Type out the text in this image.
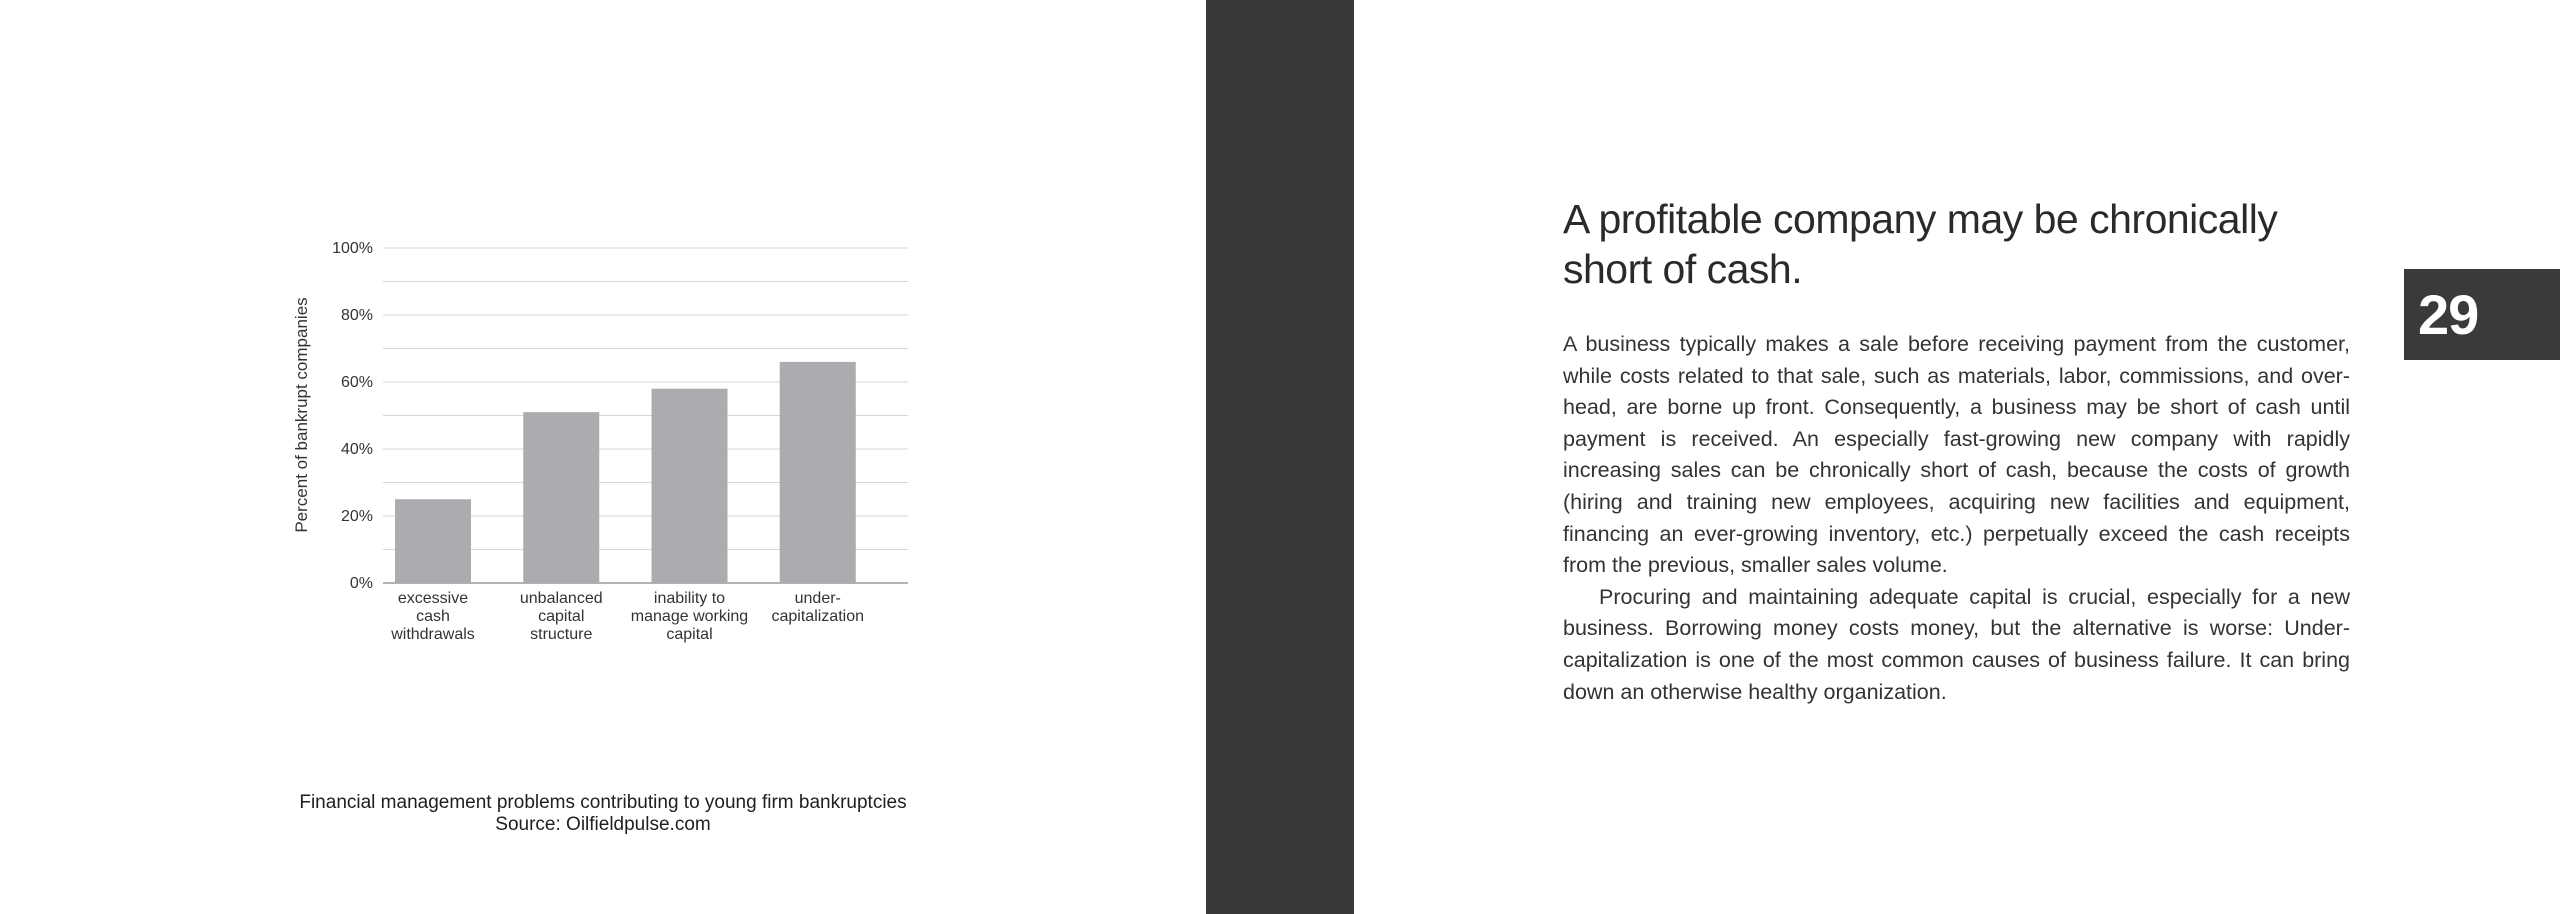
0%
20%
40%
60%
80%
100%
excessive cash withdrawals
unbalanced capital structure
inability to manage working capital
under-capitalization
Percent of bankrupt companies
Financial management problems contributing to young firm bankruptcies
Source: Oilfieldpulse.com
A profitable company may be chronically short of cash.

A business typically makes a sale before receiving payment from the customer, while costs related to that sale, such as materials, labor, commissions, and overhead, are borne up front. Consequently, a business may be short of cash until payment is received. An especially fast-growing new company with rapidly increasing sales can be chronically short of cash, because the costs of growth (hiring and training new employees, acquiring new facilities and equipment, financing an ever-growing inventory, etc.) perpetually exceed the cash receipts from the previous, smaller sales volume.

Procuring and maintaining adequate capital is crucial, especially for a new business. Borrowing money costs money, but the alternative is worse: Undercapitalization is one of the most common causes of business failure. It can bring down an otherwise healthy organization.

29
